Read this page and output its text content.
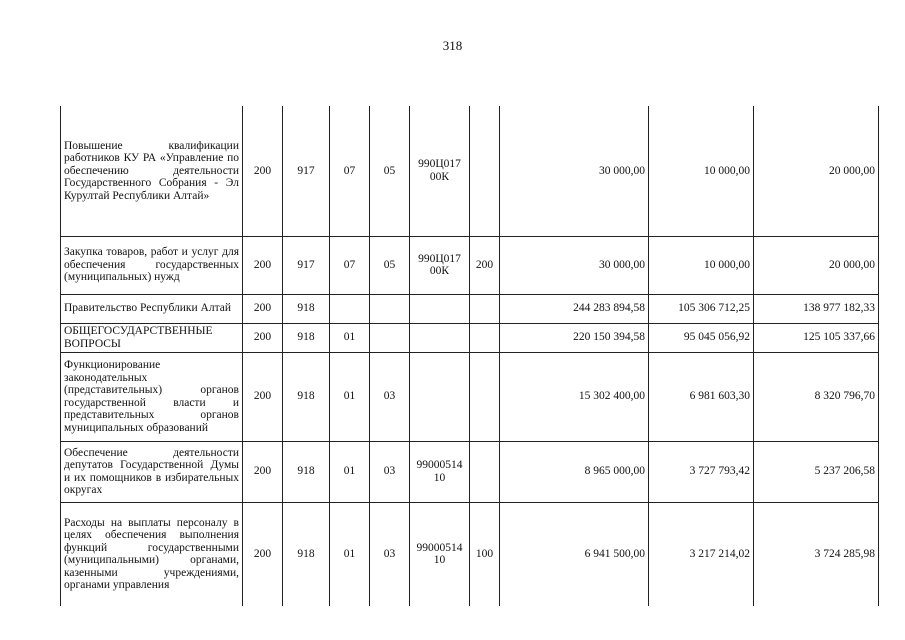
318
Повышение квалификации работников КУ РА «Управление по обеспечению деятельности Государственного Собрания - Эл Курултай Республики Алтай»	200	917	07	05	990Ц01700К		30 000,00	10 000,00	20 000,00
Закупка товаров, работ и услуг для обеспечения государственных (муниципальных) нужд	200	917	07	05	990Ц01700К	200	30 000,00	10 000,00	20 000,00
Правительство Республики Алтай	200	918					244 283 894,58	105 306 712,25	138 977 182,33
ОБЩЕГОСУДАРСТВЕННЫЕ ВОПРОСЫ	200	918	01				220 150 394,58	95 045 056,92	125 105 337,66
Функционирование законодательных (представительных) органов государственной власти и представительных органов муниципальных образований	200	918	01	03			15 302 400,00	6 981 603,30	8 320 796,70
Обеспечение деятельности депутатов Государственной Думы и их помощников в избирательных округах	200	918	01	03	9900051410		8 965 000,00	3 727 793,42	5 237 206,58
Расходы на выплаты персоналу в целях обеспечения выполнения функций государственными (муниципальными) органами, казенными учреждениями, органами управления	200	918	01	03	9900051410	100	6 941 500,00	3 217 214,02	3 724 285,98
